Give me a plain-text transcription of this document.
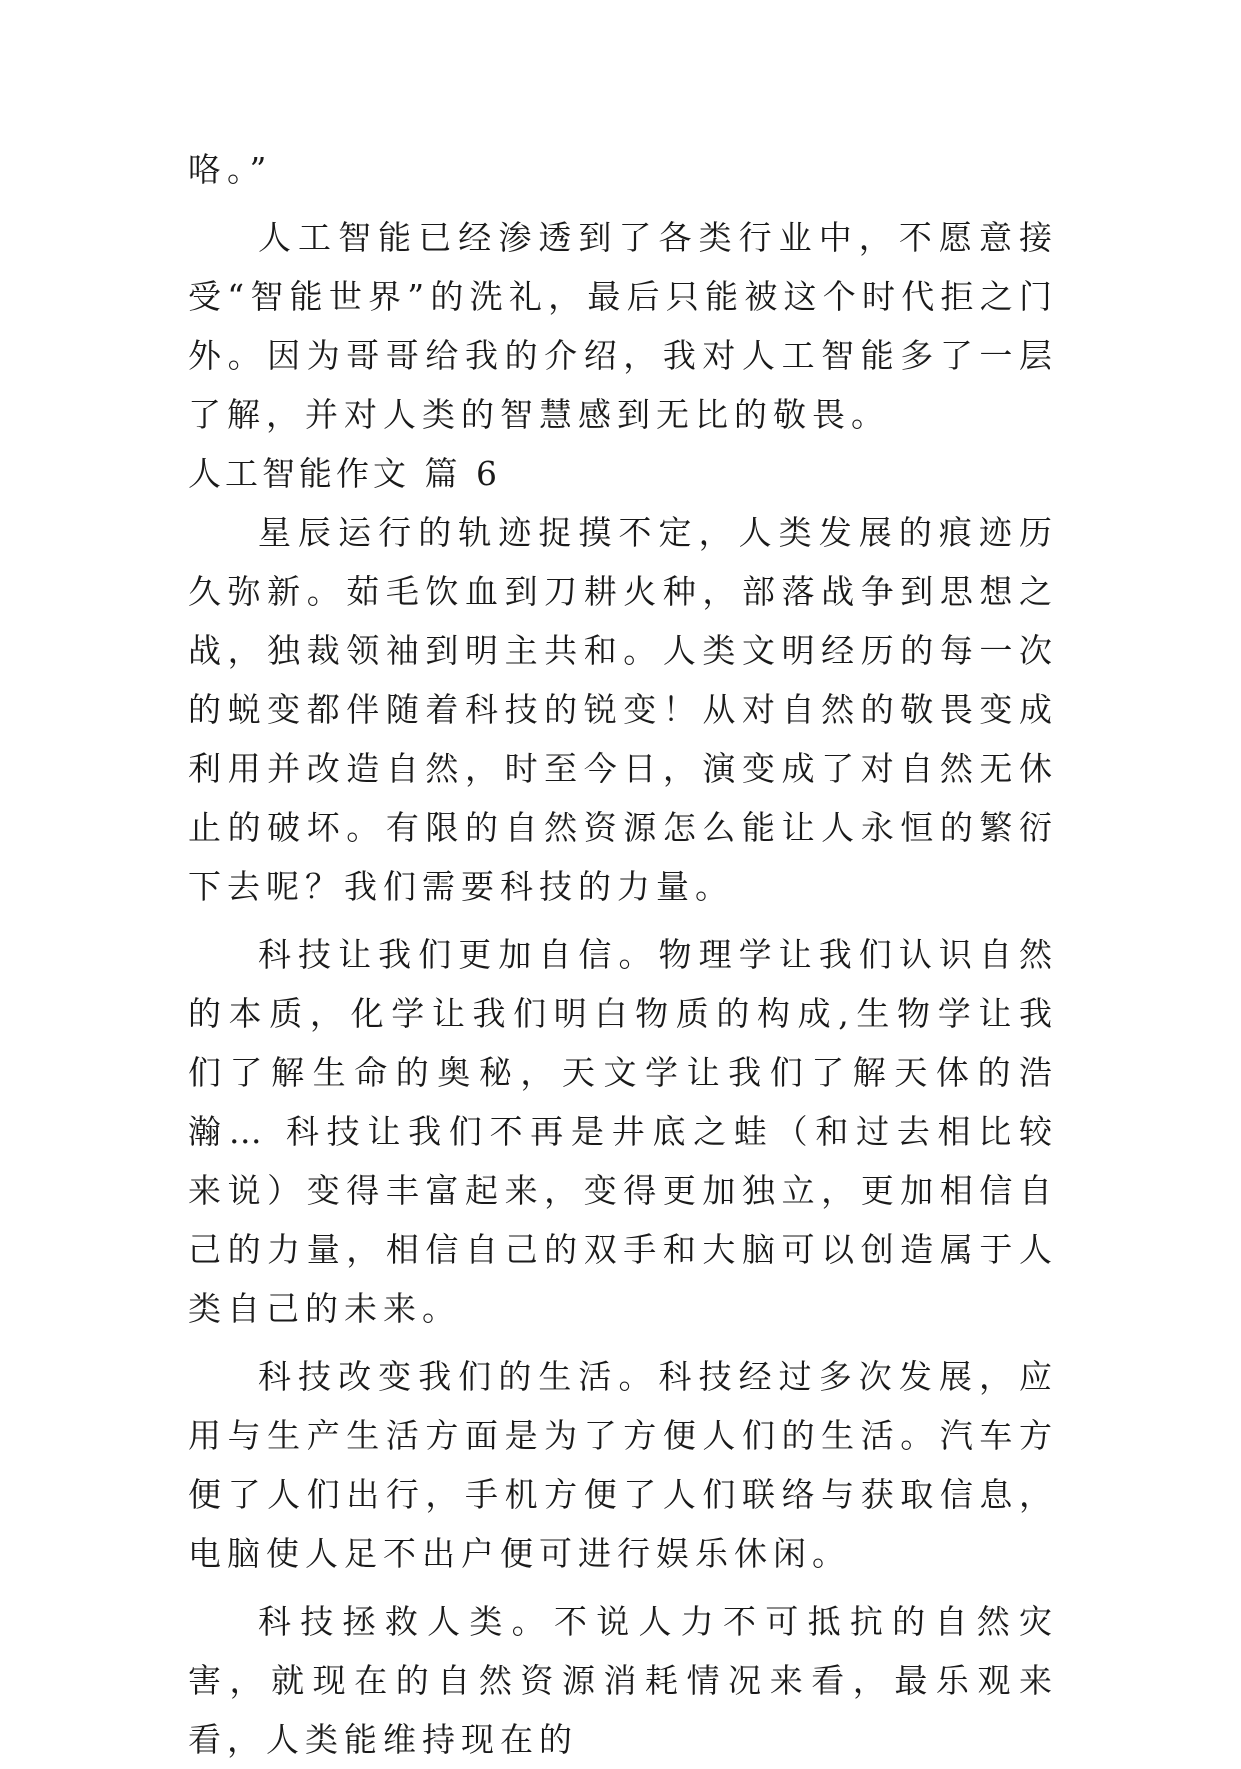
咯。”

人工智能已经渗透到了各类行业中，不愿意接受“智能世界”的洗礼，最后只能被这个时代拒之门外。因为哥哥给我的介绍，我对人工智能多了一层了解，并对人类的智慧感到无比的敬畏。

人工智能作文 篇 6

星辰运行的轨迹捉摸不定，人类发展的痕迹历久弥新。茹毛饮血到刀耕火种，部落战争到思想之战，独裁领袖到明主共和。人类文明经历的每一次的蜕变都伴随着科技的锐变！从对自然的敬畏变成利用并改造自然，时至今日，演变成了对自然无休止的破坏。有限的自然资源怎么能让人永恒的繁衍下去呢？我们需要科技的力量。

科技让我们更加自信。物理学让我们认识自然的本质，化学让我们明白物质的构成,生物学让我们了解生命的奥秘，天文学让我们了解天体的浩瀚… 科技让我们不再是井底之蛙（和过去相比较来说）变得丰富起来，变得更加独立，更加相信自己的力量，相信自己的双手和大脑可以创造属于人类自己的未来。

科技改变我们的生活。科技经过多次发展，应用与生产生活方面是为了方便人们的生活。汽车方便了人们出行，手机方便了人们联络与获取信息，电脑使人足不出户便可进行娱乐休闲。

科技拯救人类。不说人力不可抵抗的自然灾害，就现在的自然资源消耗情况来看，最乐观来看，人类能维持现在的
